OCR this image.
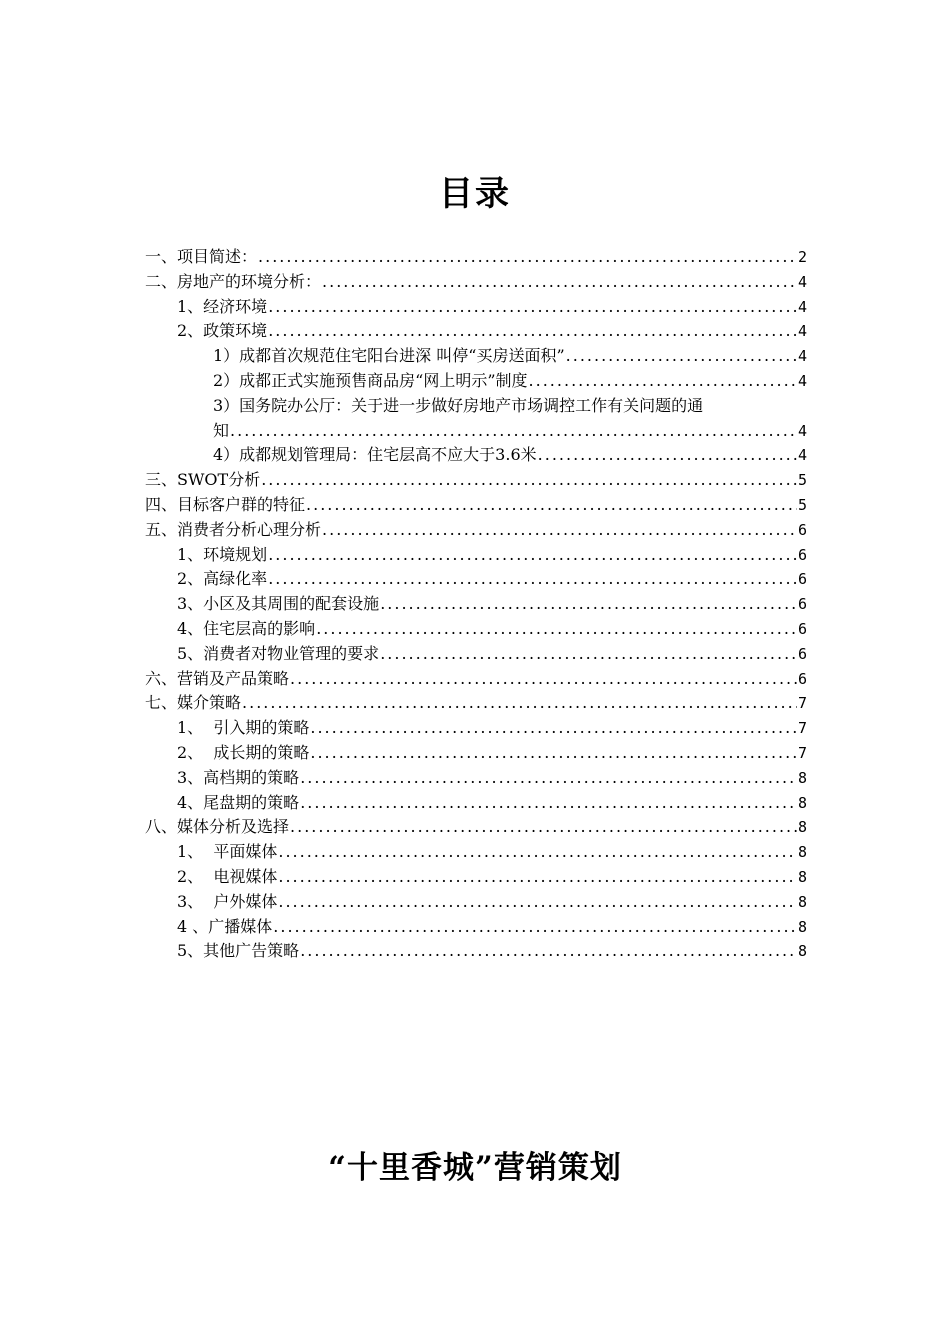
目录
一、项目简述： .....	2
二、房地产的环境分析： .....	4
1、经济环境 .....	4
2、政策环境 .....	4
1）成都首次规范住宅阳台进深 叫停“买房送面积” .....	4
2）成都正式实施预售商品房“网上明示”制度 .....	4
3）国务院办公厅：关于进一步做好房地产市场调控工作有关问题的通
知 .....	4
4）成都规划管理局：住宅层高不应大于3.6米 .....	4
三、SWOT分析 .....	5
四、目标客户群的特征 .....	5
五、消费者分析心理分析 .....	6
1、环境规划 .....	6
2、高绿化率 .....	6
3、小区及其周围的配套设施 .....	6
4、住宅层高的影响 .....	6
5、消费者对物业管理的要求 .....	6
六、营销及产品策略 .....	6
七、媒介策略 .....	7
1、  引入期的策略 .....	7
2、  成长期的策略 .....	7
3、高档期的策略 .....	8
4、尾盘期的策略 .....	8
八、媒体分析及选择 .....	8
1、  平面媒体 .....	8
2、  电视媒体 .....	8
3、  户外媒体 .....	8
4 、广播媒体 .....	8
5、其他广告策略 .....	8
“十里香城”营销策划
